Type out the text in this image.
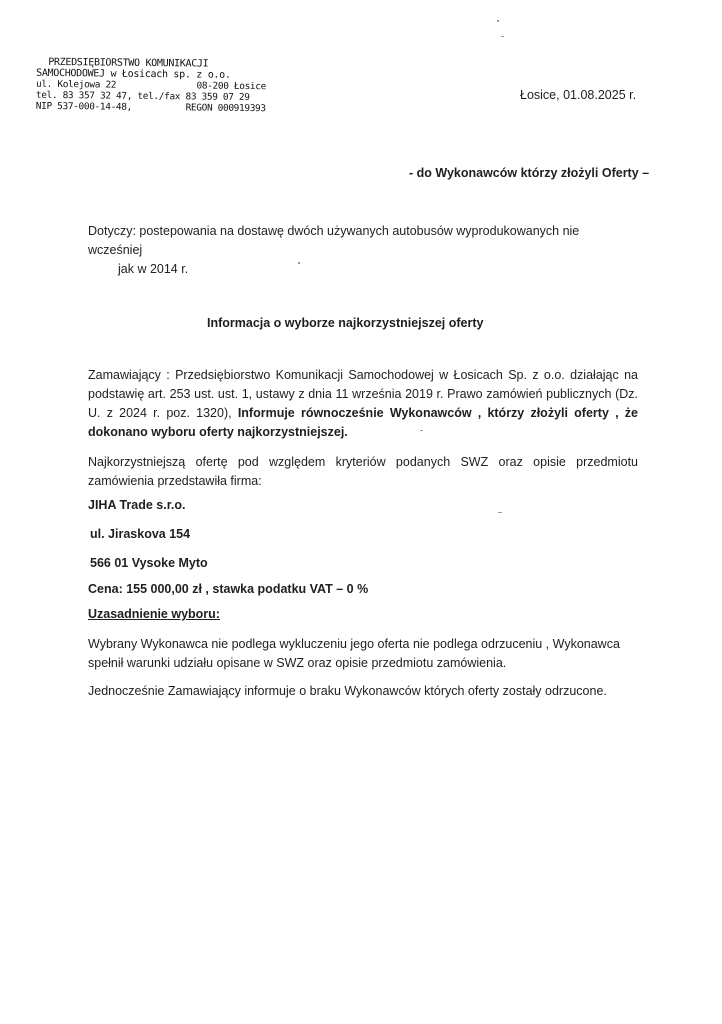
PRZEDSIĘBIORSTWO KOMUNIKACJI
SAMOCHODOWEJ w Łosicach sp. z o.o.
ul. Kolejowa 22	08-200 Łosice
tel. 83 357 32 47, tel./fax 83 359 07 29
NIP 537-000-14-48,	REGON 000919393
Łosice, 01.08.2025 r.
- do Wykonawców którzy złożyli Oferty –
Dotyczy: postepowania na dostawę dwóch używanych autobusów wyprodukowanych nie wcześniej
jak w 2014 r.
Informacja o wyborze najkorzystniejszej oferty

Zamawiający : Przedsiębiorstwo Komunikacji Samochodowej w Łosicach Sp. z o.o. działając na podstawię art. 253 ust. ust. 1, ustawy z dnia 11 września 2019 r. Prawo zamówień publicznych (Dz. U. z 2024 r. poz. 1320), Informuje równocześnie Wykonawców , którzy złożyli oferty , że dokonano wyboru oferty najkorzystniejszej.

Najkorzystniejszą ofertę pod względem kryteriów podanych SWZ oraz opisie przedmiotu zamówienia przedstawiła firma:

JIHA Trade s.r.o.
ul. Jiraskova 154
566 01 Vysoke Myto
Cena: 155 000,00 zł , stawka podatku VAT – 0 %
Uzasadnienie wyboru:
Wybrany Wykonawca nie podlega wykluczeniu jego oferta nie podlega odrzuceniu , Wykonawca spełnił warunki udziału opisane w SWZ oraz opisie przedmiotu zamówienia.
Jednocześnie Zamawiający informuje o braku Wykonawców których oferty zostały odrzucone.
